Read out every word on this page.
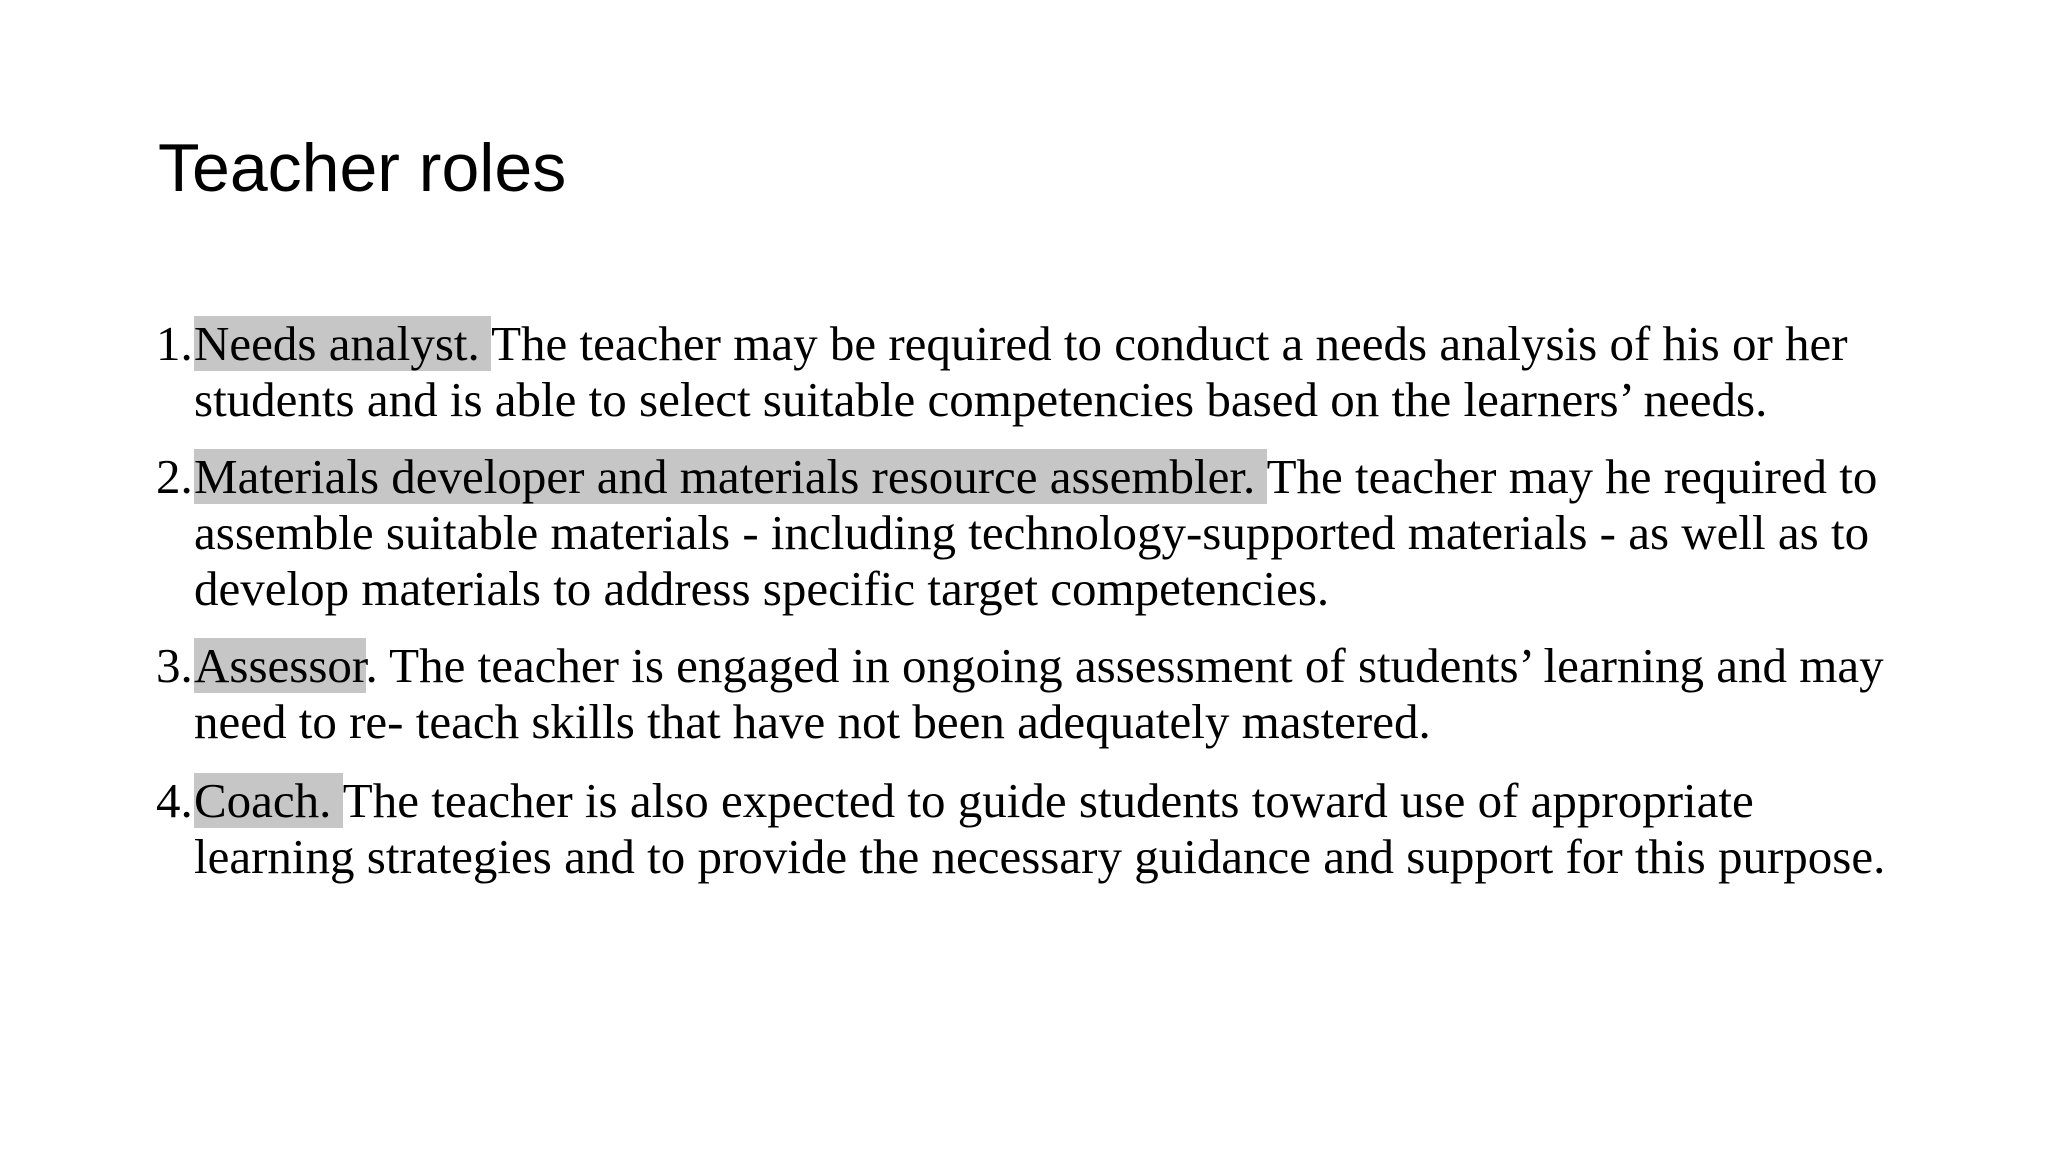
Teacher roles
1. Needs analyst. The teacher may be required to conduct a needs analysis of his or her students and is able to select suitable competencies based on the learners’ needs.
2. Materials developer and materials resource assembler. The teacher may he required to assemble suitable materials - including technology-supported materials - as well as to develop materials to address specific target competencies.
3. Assessor. The teacher is engaged in ongoing assessment of students’ learning and may need to re- teach skills that have not been adequately mastered.
4. Coach. The teacher is also expected to guide students toward use of appropriate learning strategies and to provide the necessary guidance and support for this purpose.
